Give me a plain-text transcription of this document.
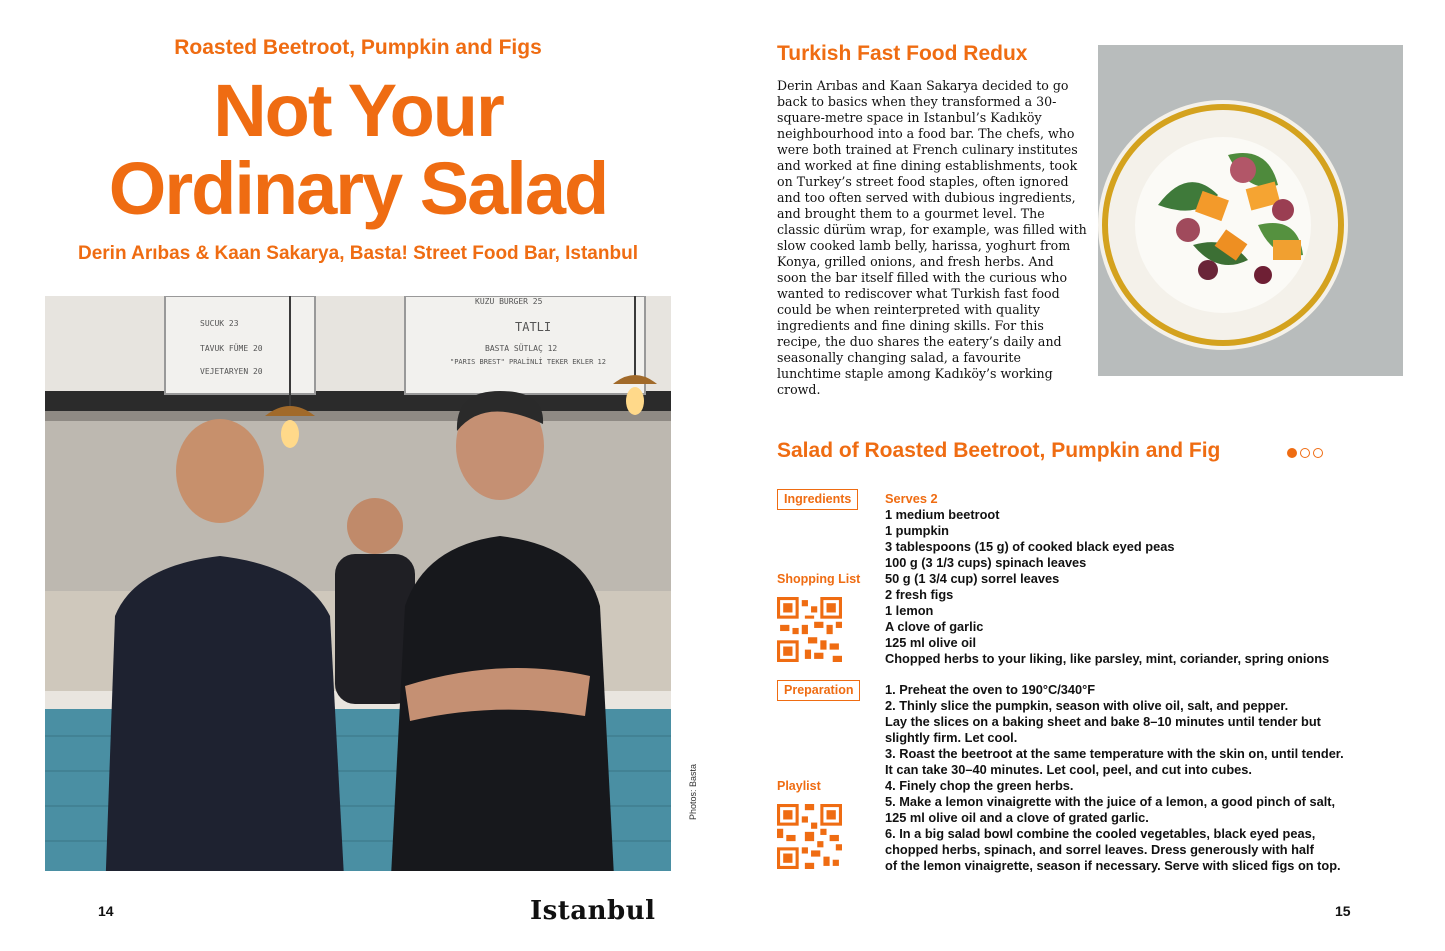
Roasted Beetroot, Pumpkin and Figs
Not Your
Ordinary Salad
Derin Arıbas & Kaan Sakarya, Basta! Street Food Bar, Istanbul
SUCUK 23
TAVUK FÜME 20
VEJETARYEN 20
KUZU BURGER 25
TATLI
BASTA SÜTLAÇ 12
"PARIS BREST" PRALİNLİ TEKER EKLER 12
Photos: Basta
14	Istanbul
Turkish Fast Food Redux

Derin Arıbas and Kaan Sakarya decided to go back to basics when they transformed a 30-square-metre space in Istanbul’s Kadıköy neighbourhood into a food bar. The chefs, who were both trained at French culinary institutes and worked at fine dining establishments, took on Turkey’s street food staples, often ignored and too often served with dubious ingredients, and brought them to a gourmet level. The classic dürüm wrap, for example, was filled with slow cooked lamb belly, harissa, yoghurt from Konya, grilled onions, and fresh herbs. And soon the bar itself filled with the curious who wanted to rediscover what Turkish fast food could be when reinterpreted with quality ingredients and fine dining skills. For this recipe, the duo shares the eatery’s daily and seasonally changing salad, a favourite lunchtime staple among Kadıköy’s working crowd.

Salad of Roasted Beetroot, Pumpkin and Fig
Ingredients
Shopping List
Preparation
Playlist
Serves 2
1 medium beetroot
1 pumpkin
3 tablespoons (15 g) of cooked black eyed peas
100 g (3 1/3 cups) spinach leaves
50 g (1 3/4 cup) sorrel leaves
2 fresh figs
1 lemon
A clove of garlic
125 ml olive oil
Chopped herbs to your liking, like parsley, mint, coriander, spring onions
1. Preheat the oven to 190°C/340°F
2. Thinly slice the pumpkin, season with olive oil, salt, and pepper.
Lay the slices on a baking sheet and bake 8–10 minutes until tender but
slightly firm. Let cool.
3. Roast the beetroot at the same temperature with the skin on, until tender.
It can take 30–40 minutes. Let cool, peel, and cut into cubes.
4. Finely chop the green herbs.
5. Make a lemon vinaigrette with the juice of a lemon, a good pinch of salt,
125 ml olive oil and a clove of grated garlic.
6. In a big salad bowl combine the cooled vegetables, black eyed peas,
chopped herbs, spinach, and sorrel leaves. Dress generously with half
of the lemon vinaigrette, season if necessary. Serve with sliced figs on top.
15
